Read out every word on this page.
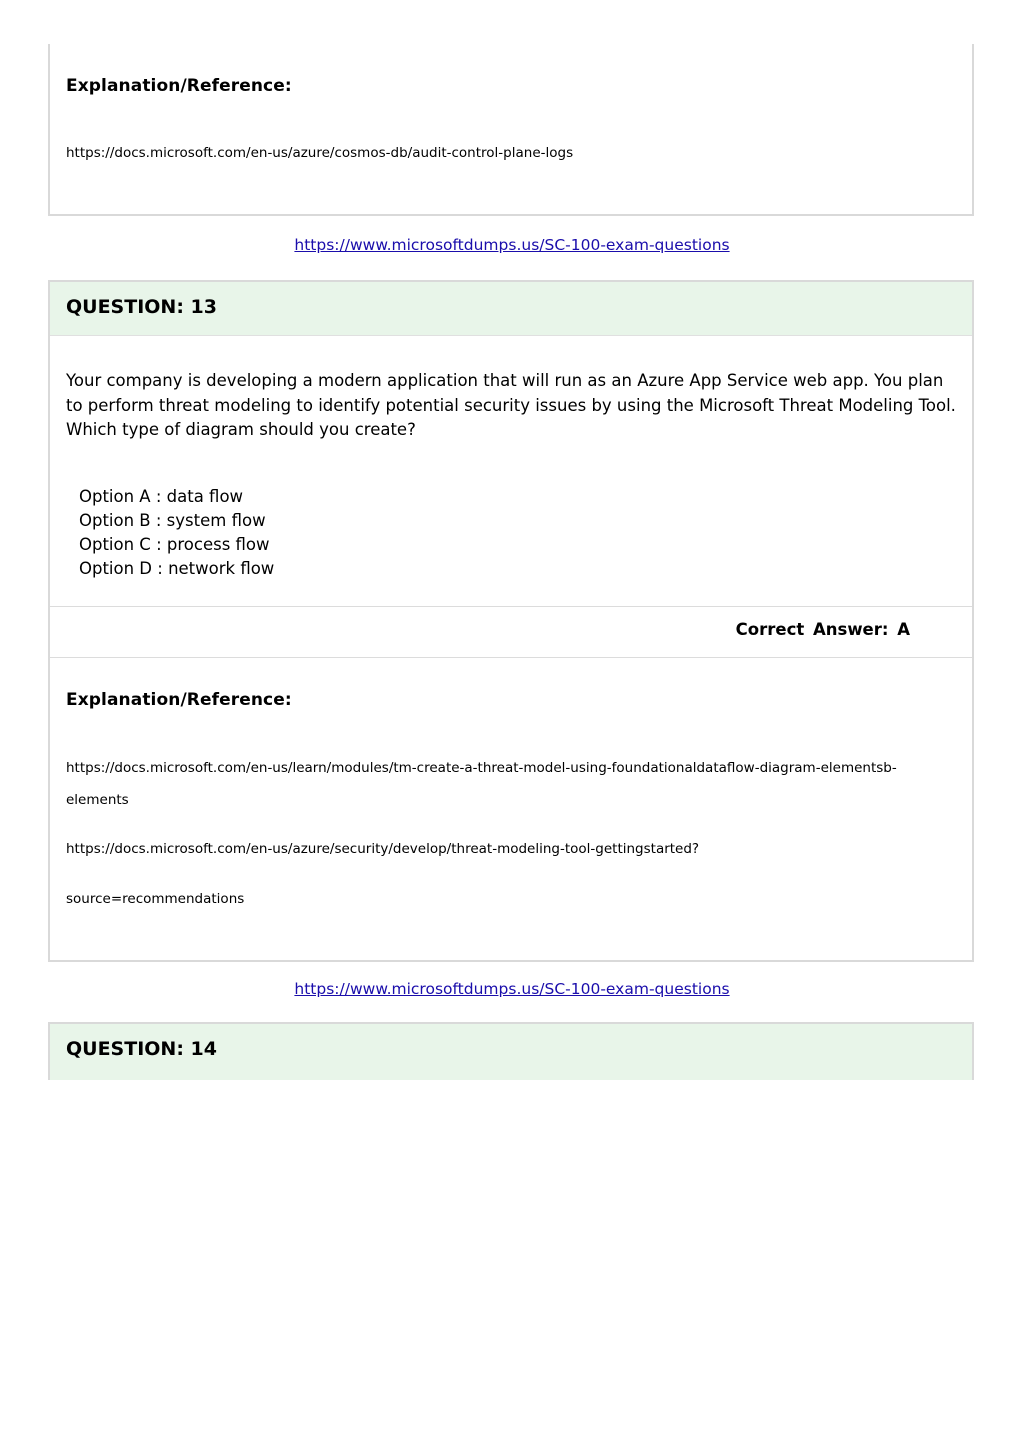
Explanation/Reference:
https://docs.microsoft.com/en-us/azure/cosmos-db/audit-control-plane-logs
https://www.microsoftdumps.us/SC-100-exam-questions
QUESTION: 13
Your company is developing a modern application that will run as an Azure App Service web app. You plan to perform threat modeling to identify potential security issues by using the Microsoft Threat Modeling Tool. Which type of diagram should you create?
Option A : data flow
Option B : system flow
Option C : process flow
Option D : network flow
Correct Answer: A
Explanation/Reference:
https://docs.microsoft.com/en-us/learn/modules/tm-create-a-threat-model-using-foundationaldataflow-diagram-elementsb-
elements
https://docs.microsoft.com/en-us/azure/security/develop/threat-modeling-tool-gettingstarted?
source=recommendations
https://www.microsoftdumps.us/SC-100-exam-questions
QUESTION: 14
